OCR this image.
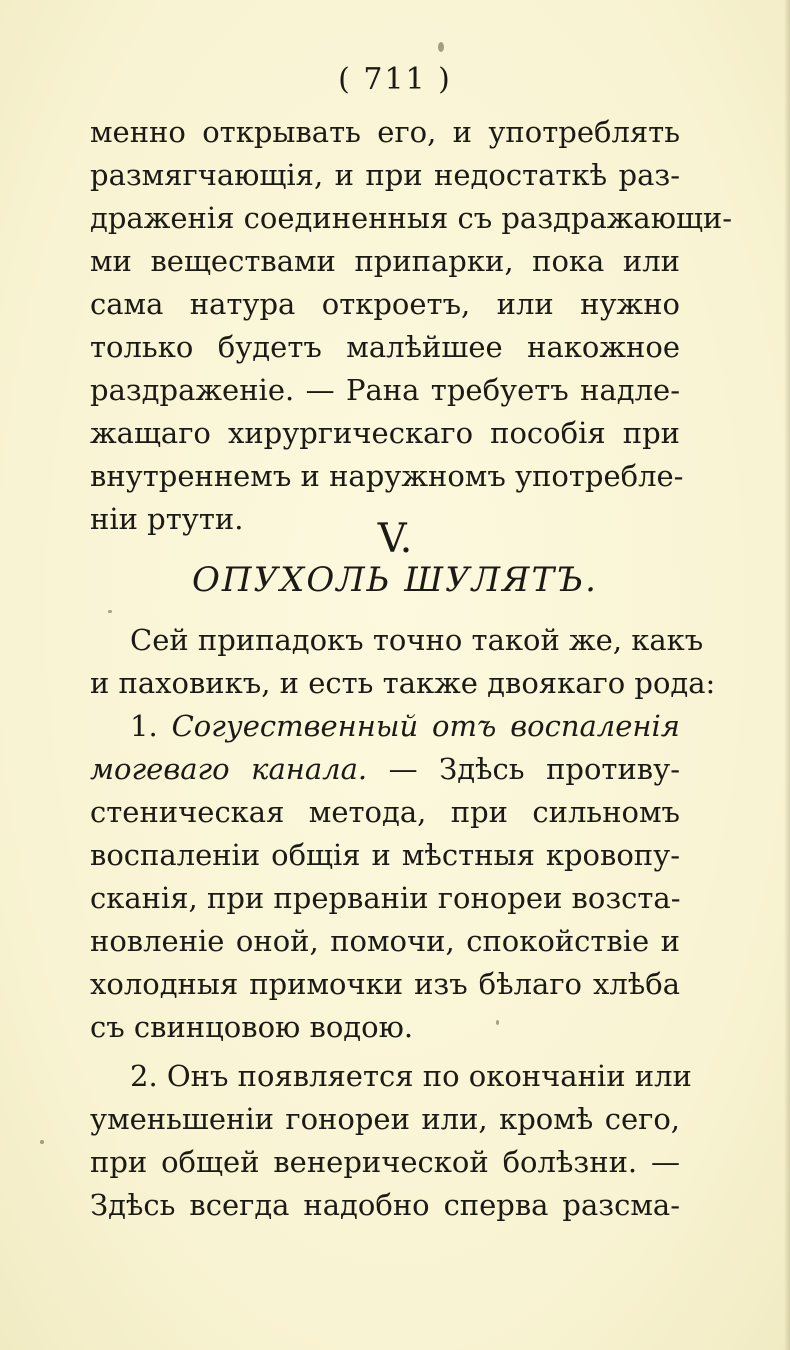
( 711 )
менно открывать его, и употреблять
размягчающія, и при недостаткѣ раз-
драженія соединенныя съ раздражающи-
ми веществами припарки, пока или
сама натура откроетъ, или нужно
только будетъ малѣйшее накожное
раздраженіе. — Рана требуетъ надле-
жащаго хирургическаго пособія при
внутреннемъ и наружномъ употребле-
ніи ртути.	V.
ОПУХОЛЬ ШУЛЯТЪ.
Сей припадокъ точно такой же, какъ
и паховикъ, и есть также двоякаго рода:
1. Согуественный отъ воспаленія
могеваго канала. — Здѣсь противу-
стеническая метода, при сильномъ
воспаленіи общія и мѣстныя кровопу-
сканія, при прерваніи гонореи возста-
новленіе оной, помочи, спокойствіе и
холодныя примочки изъ бѣлаго хлѣба
съ свинцовою водою.
2. Онъ появляется по окончаніи или
уменьшеніи гонореи или, кромѣ сего,
при общей венерической болѣзни. —
Здѣсь всегда надобно сперва разсма-
